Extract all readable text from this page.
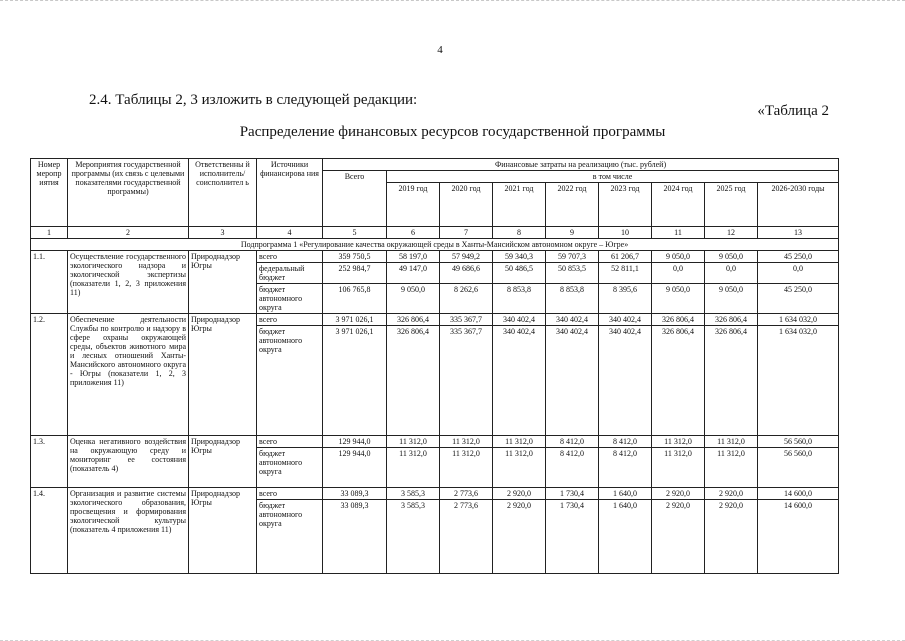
4
2.4. Таблицы 2, 3 изложить в следующей редакции:
«Таблица 2
Распределение финансовых ресурсов государственной программы
Номер меропр иятия	Мероприятия государственной программы (их связь с целевыми показателями государственной программы)	Ответственны й исполнитель/ соисполнител ь	Источники финансирова ния	Финансовые затраты на реализацию (тыс. рублей)								
				Всего	в том числе							
					2019 год	2020 год	2021 год	2022 год	2023 год	2024 год	2025 год	2026-2030 годы
1	2	3	4	5	6	7	8	9	10	11	12	13
Подпрограмма 1 «Регулирование качества окружающей среды в Ханты-Мансийском автономном округе – Югре»												
1.1.	Осуществление государственного экологического надзора и экологической экспертизы (показатели 1, 2, 3 приложения 11)	Природнадзор Югры	всего	359 750,5	58 197,0	57 949,2	59 340,3	59 707,3	61 206,7	9 050,0	9 050,0	45 250,0
			федеральный бюджет	252 984,7	49 147,0	49 686,6	50 486,5	50 853,5	52 811,1	0,0	0,0	0,0
			бюджет автономного округа	106 765,8	9 050,0	8 262,6	8 853,8	8 853,8	8 395,6	9 050,0	9 050,0	45 250,0
1.2.	Обеспечение деятельности Службы по контролю и надзору в сфере охраны окружающей среды, объектов животного мира и лесных отношений Ханты-Мансийского автономного округа - Югры (показатели 1, 2, 3 приложения 11)	Природнадзор Югры	всего	3 971 026,1	326 806,4	335 367,7	340 402,4	340 402,4	340 402,4	326 806,4	326 806,4	1 634 032,0
			бюджет автономного округа	3 971 026,1	326 806,4	335 367,7	340 402,4	340 402,4	340 402,4	326 806,4	326 806,4	1 634 032,0
1.3.	Оценка негативного воздействия на окружающую среду и мониторинг ее состояния (показатель 4)	Природнадзор Югры	всего	129 944,0	11 312,0	11 312,0	11 312,0	8 412,0	8 412,0	11 312,0	11 312,0	56 560,0
			бюджет автономного округа	129 944,0	11 312,0	11 312,0	11 312,0	8 412,0	8 412,0	11 312,0	11 312,0	56 560,0
1.4.	Организация и развитие системы экологического образования, просвещения и формирования экологической культуры (показатель 4 приложения 11)	Природнадзор Югры	всего	33 089,3	3 585,3	2 773,6	2 920,0	1 730,4	1 640,0	2 920,0	2 920,0	14 600,0
			бюджет автономного округа	33 089,3	3 585,3	2 773,6	2 920,0	1 730,4	1 640,0	2 920,0	2 920,0	14 600,0
